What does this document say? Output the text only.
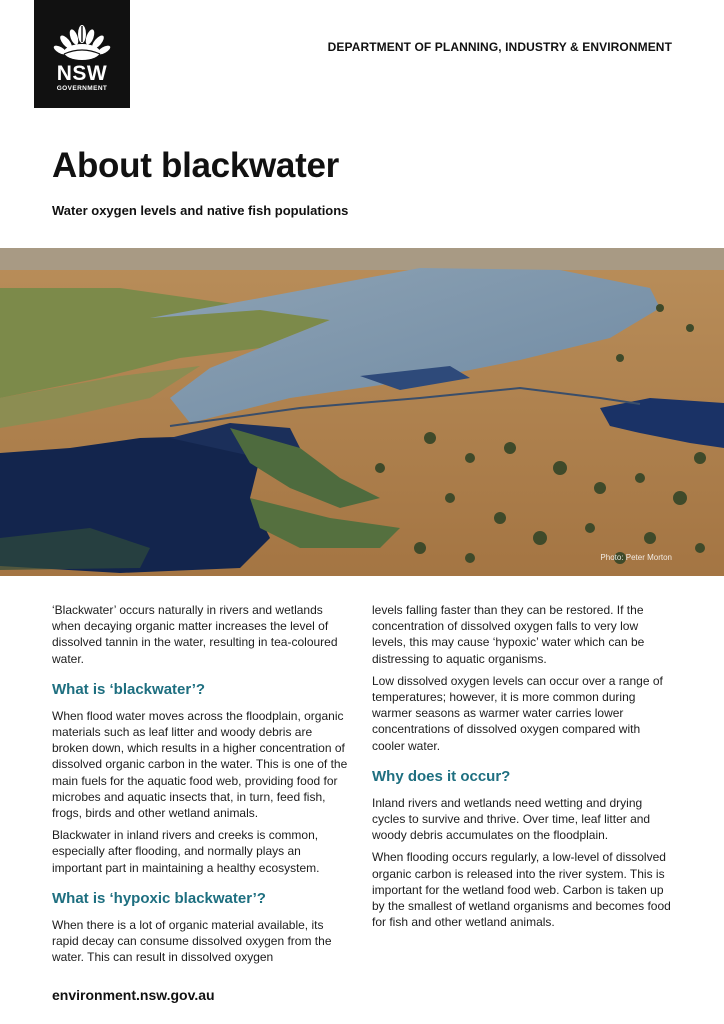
NSW
GOVERNMENT
DEPARTMENT OF PLANNING, INDUSTRY & ENVIRONMENT
About blackwater
Water oxygen levels and native fish populations
Photo: Peter Morton

‘Blackwater’ occurs naturally in rivers and wetlands when decaying organic matter increases the level of dissolved tannin in the water, resulting in tea-coloured water.

What is ‘blackwater’?

When flood water moves across the floodplain, organic materials such as leaf litter and woody debris are broken down, which results in a higher concentration of dissolved organic carbon in the water. This is one of the main fuels for the aquatic food web, providing food for microbes and aquatic insects that, in turn, feed fish, frogs, birds and other wetland animals.

Blackwater in inland rivers and creeks is common, especially after flooding, and normally plays an important part in maintaining a healthy ecosystem.

What is ‘hypoxic blackwater’?

When there is a lot of organic material available, its rapid decay can consume dissolved oxygen from the water. This can result in dissolved oxygen

levels falling faster than they can be restored. If the concentration of dissolved oxygen falls to very low levels, this may cause ‘hypoxic’ water which can be distressing to aquatic organisms.

Low dissolved oxygen levels can occur over a range of temperatures; however, it is more common during warmer seasons as warmer water carries lower concentrations of dissolved oxygen compared with cooler water.

Why does it occur?

Inland rivers and wetlands need wetting and drying cycles to survive and thrive. Over time, leaf litter and woody debris accumulates on the floodplain.

When flooding occurs regularly, a low-level of dissolved organic carbon is released into the river system. This is important for the wetland food web. Carbon is taken up by the smallest of wetland organisms and becomes food for fish and other wetland animals.

environment.nsw.gov.au
